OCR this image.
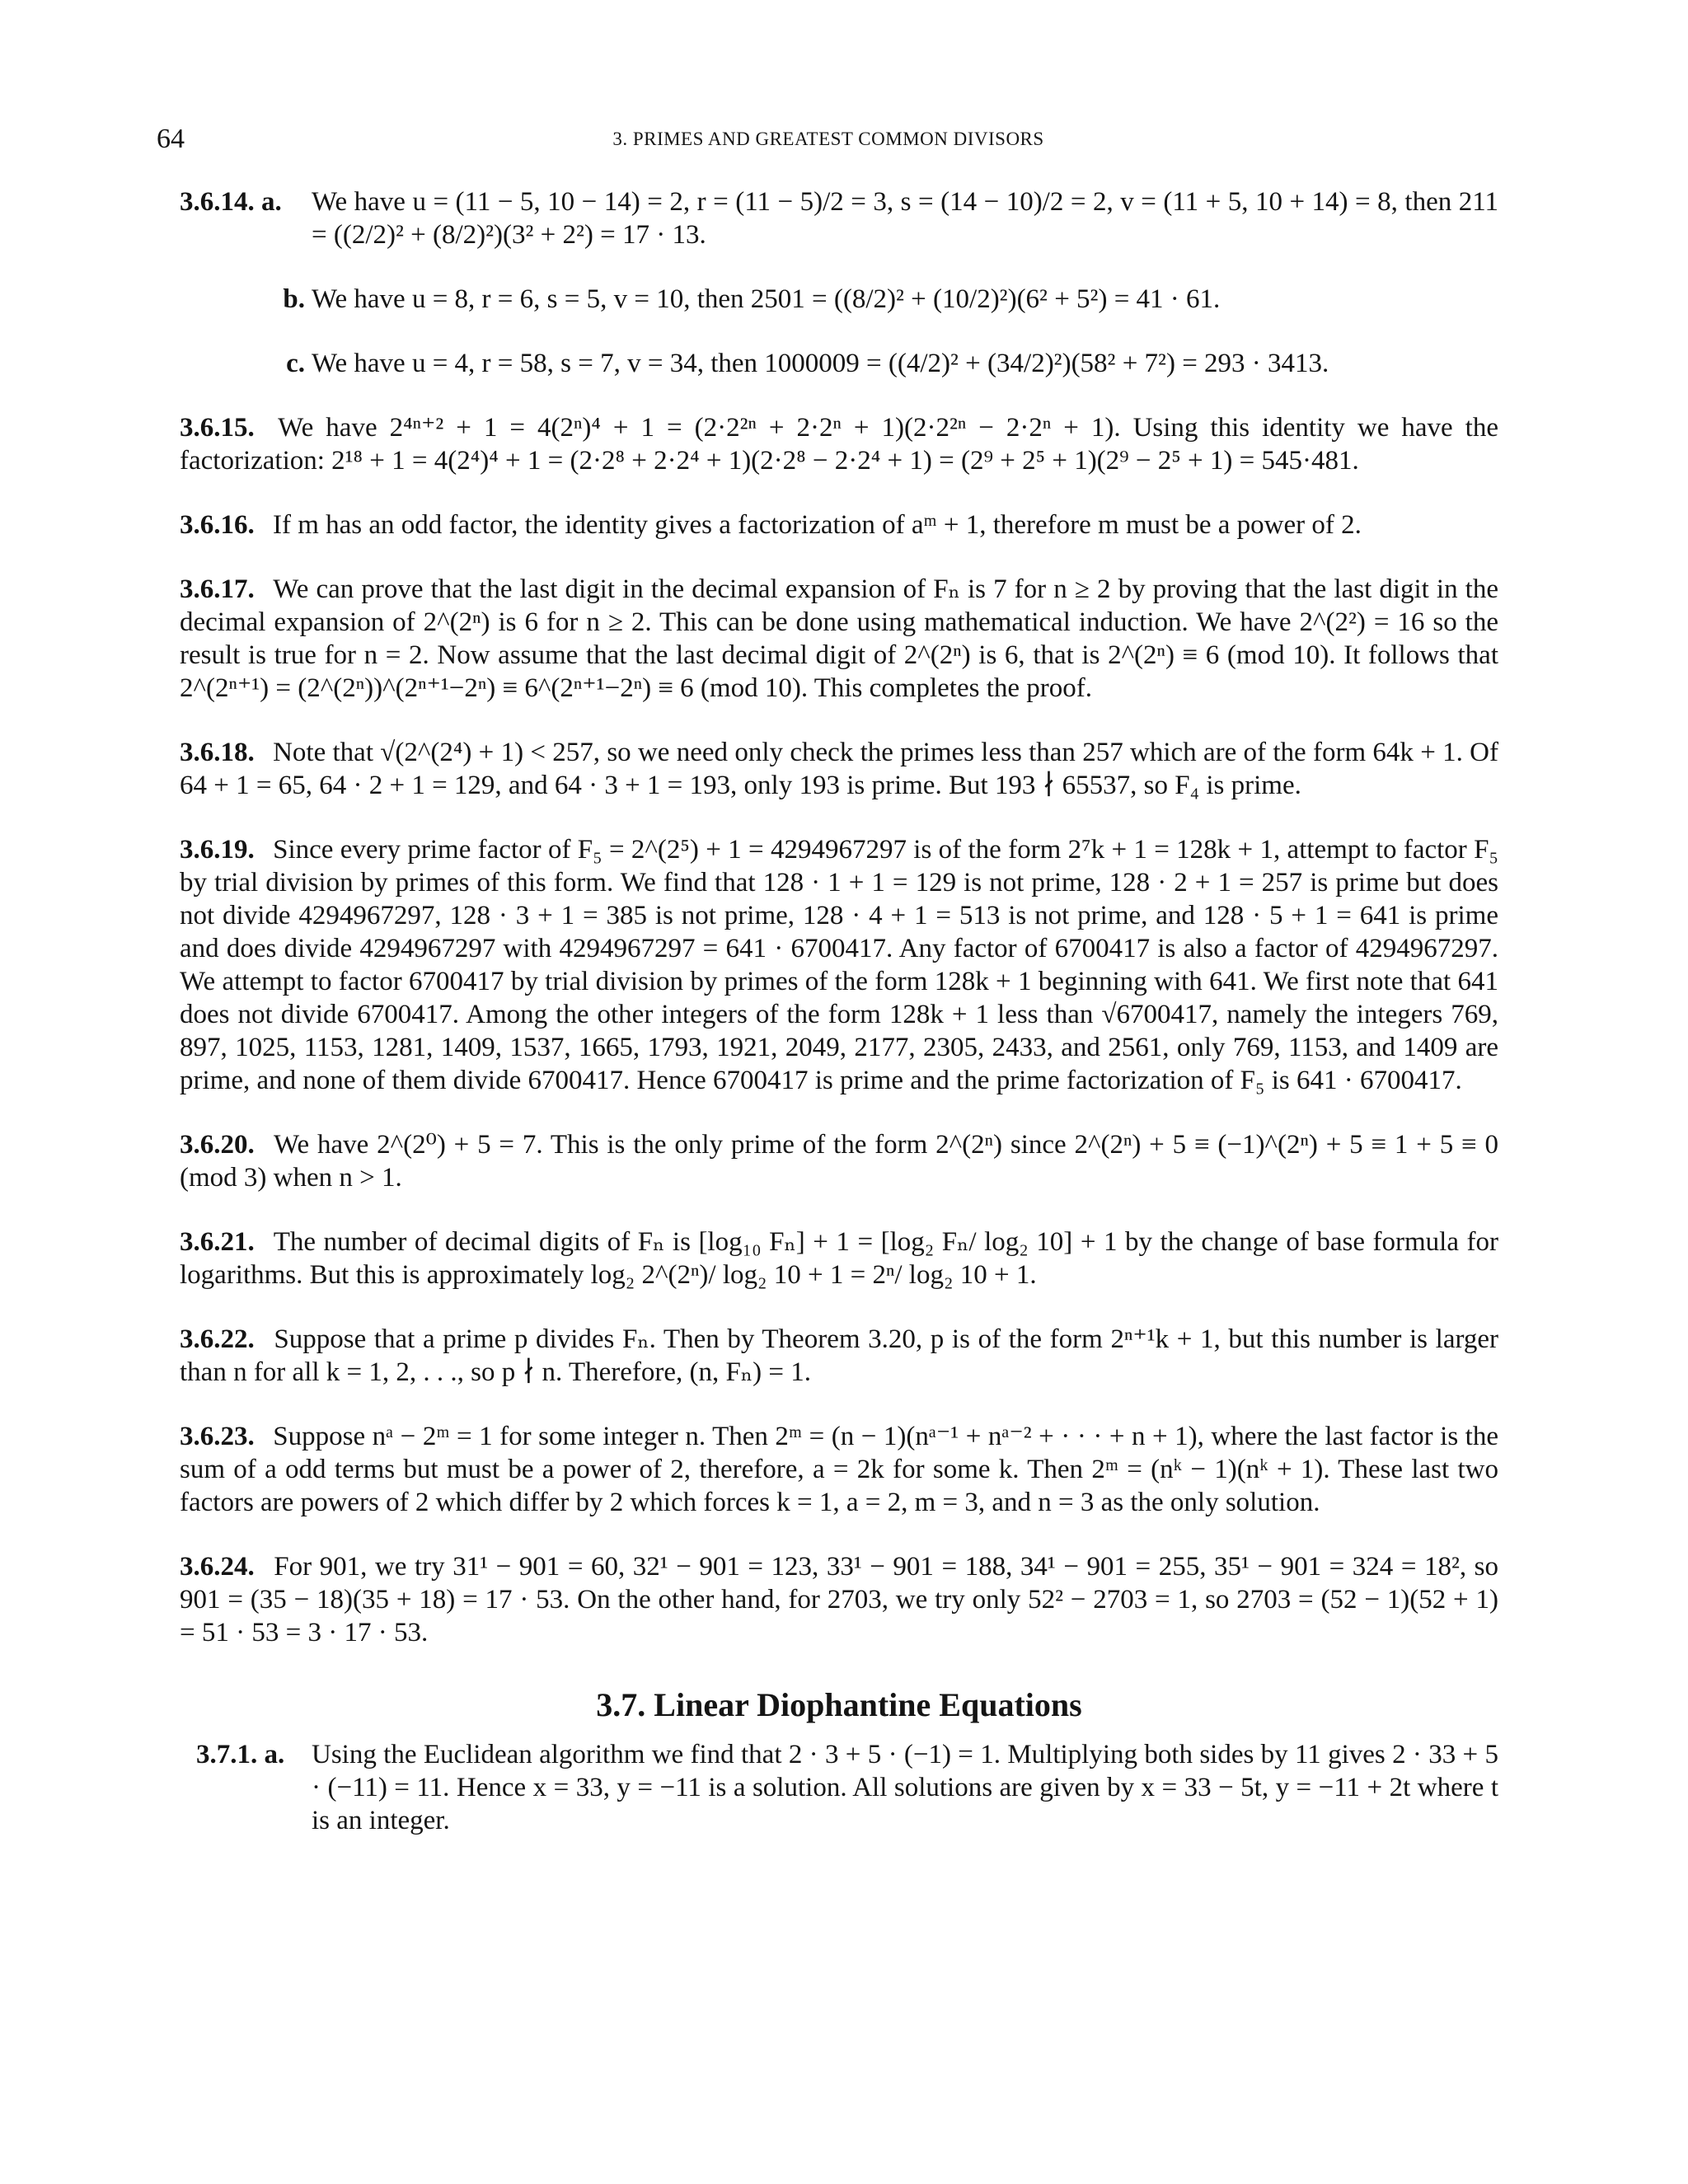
64	3. PRIMES AND GREATEST COMMON DIVISORS
3.6.14. a.	We have u = (11 − 5, 10 − 14) = 2, r = (11 − 5)/2 = 3, s = (14 − 10)/2 = 2, v = (11 + 5, 10 + 14) = 8, then 211 = ((2/2)² + (8/2)²)(3² + 2²) = 17 · 13.
b. We have u = 8, r = 6, s = 5, v = 10, then 2501 = ((8/2)² + (10/2)²)(6² + 5²) = 41 · 61.
c. We have u = 4, r = 58, s = 7, v = 34, then 1000009 = ((4/2)² + (34/2)²)(58² + 7²) = 293 · 3413.
3.6.15. We have 2⁴ⁿ⁺² + 1 = 4(2ⁿ)⁴ + 1 = (2·2²ⁿ + 2·2ⁿ + 1)(2·2²ⁿ − 2·2ⁿ + 1). Using this identity we have the factorization: 2¹⁸ + 1 = 4(2⁴)⁴ + 1 = (2·2⁸ + 2·2⁴ + 1)(2·2⁸ − 2·2⁴ + 1) = (2⁹ + 2⁵ + 1)(2⁹ − 2⁵ + 1) = 545·481.
3.6.16. If m has an odd factor, the identity gives a factorization of aᵐ + 1, therefore m must be a power of 2.
3.6.17. We can prove that the last digit in the decimal expansion of Fₙ is 7 for n ≥ 2 by proving that the last digit in the decimal expansion of 2^(2ⁿ) is 6 for n ≥ 2. This can be done using mathematical induction. We have 2^(2²) = 16 so the result is true for n = 2. Now assume that the last decimal digit of 2^(2ⁿ) is 6, that is 2^(2ⁿ) ≡ 6 (mod 10). It follows that 2^(2ⁿ⁺¹) = (2^(2ⁿ))^(2ⁿ⁺¹−2ⁿ) ≡ 6^(2ⁿ⁺¹−2ⁿ) ≡ 6 (mod 10). This completes the proof.
3.6.18. Note that √(2^(2⁴) + 1) < 257, so we need only check the primes less than 257 which are of the form 64k + 1. Of 64 + 1 = 65, 64 · 2 + 1 = 129, and 64 · 3 + 1 = 193, only 193 is prime. But 193 ∤ 65537, so F₄ is prime.
3.6.19. Since every prime factor of F₅ = 2^(2⁵) + 1 = 4294967297 is of the form 2⁷k + 1 = 128k + 1, attempt to factor F₅ by trial division by primes of this form. We find that 128 · 1 + 1 = 129 is not prime, 128 · 2 + 1 = 257 is prime but does not divide 4294967297, 128 · 3 + 1 = 385 is not prime, 128 · 4 + 1 = 513 is not prime, and 128 · 5 + 1 = 641 is prime and does divide 4294967297 with 4294967297 = 641 · 6700417. Any factor of 6700417 is also a factor of 4294967297. We attempt to factor 6700417 by trial division by primes of the form 128k + 1 beginning with 641. We first note that 641 does not divide 6700417. Among the other integers of the form 128k + 1 less than √6700417, namely the integers 769, 897, 1025, 1153, 1281, 1409, 1537, 1665, 1793, 1921, 2049, 2177, 2305, 2433, and 2561, only 769, 1153, and 1409 are prime, and none of them divide 6700417. Hence 6700417 is prime and the prime factorization of F₅ is 641 · 6700417.
3.6.20. We have 2^(2⁰) + 5 = 7. This is the only prime of the form 2^(2ⁿ) since 2^(2ⁿ) + 5 ≡ (−1)^(2ⁿ) + 5 ≡ 1 + 5 ≡ 0 (mod 3) when n > 1.
3.6.21. The number of decimal digits of Fₙ is [log₁₀ Fₙ] + 1 = [log₂ Fₙ/ log₂ 10] + 1 by the change of base formula for logarithms. But this is approximately log₂ 2^(2ⁿ)/ log₂ 10 + 1 = 2ⁿ/ log₂ 10 + 1.
3.6.22. Suppose that a prime p divides Fₙ. Then by Theorem 3.20, p is of the form 2ⁿ⁺¹k + 1, but this number is larger than n for all k = 1, 2, . . ., so p ∤ n. Therefore, (n, Fₙ) = 1.
3.6.23. Suppose nᵃ − 2ᵐ = 1 for some integer n. Then 2ᵐ = (n − 1)(nᵃ⁻¹ + nᵃ⁻² + · · · + n + 1), where the last factor is the sum of a odd terms but must be a power of 2, therefore, a = 2k for some k. Then 2ᵐ = (nᵏ − 1)(nᵏ + 1). These last two factors are powers of 2 which differ by 2 which forces k = 1, a = 2, m = 3, and n = 3 as the only solution.
3.6.24. For 901, we try 31¹ − 901 = 60, 32¹ − 901 = 123, 33¹ − 901 = 188, 34¹ − 901 = 255, 35¹ − 901 = 324 = 18², so 901 = (35 − 18)(35 + 18) = 17 · 53. On the other hand, for 2703, we try only 52² − 2703 = 1, so 2703 = (52 − 1)(52 + 1) = 51 · 53 = 3 · 17 · 53.
3.7. Linear Diophantine Equations
3.7.1. a. Using the Euclidean algorithm we find that 2 · 3 + 5 · (−1) = 1. Multiplying both sides by 11 gives 2 · 33 + 5 · (−11) = 11. Hence x = 33, y = −11 is a solution. All solutions are given by x = 33 − 5t, y = −11 + 2t where t is an integer.
